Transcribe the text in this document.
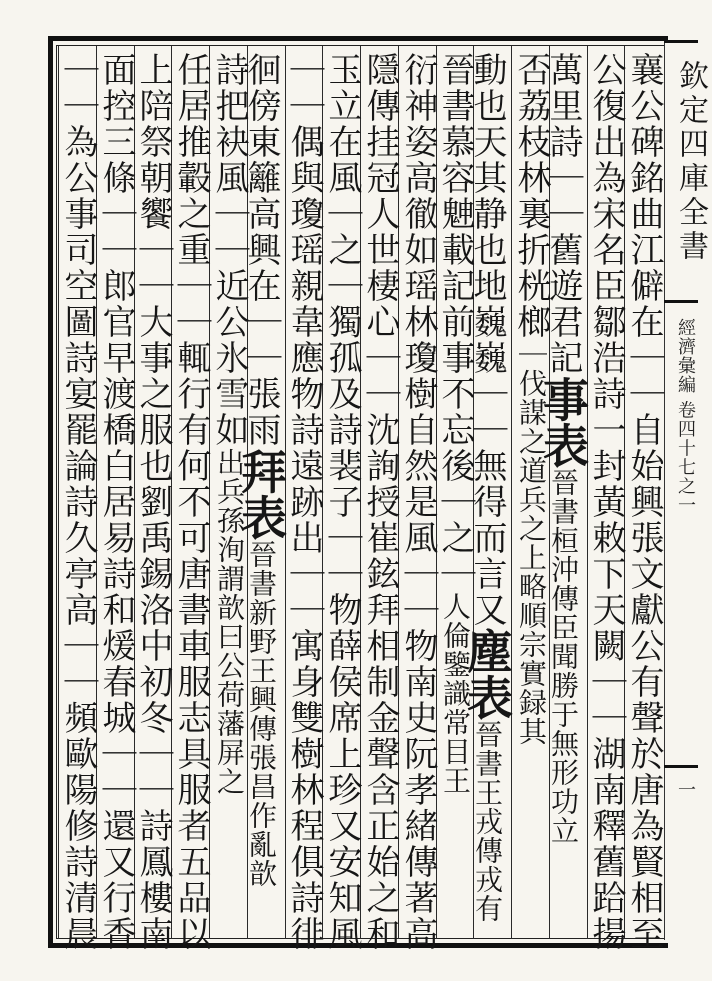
欽定四庫全書
經濟彙編 卷四十七之一
一
襄公碑銘曲江僻在｜｜自始興張文獻公有聲於唐為賢相至
公復出為宋名臣鄒浩詩一封黃敕下天闕｜｜湖南釋舊跲揚
萬里詩｜｜舊遊君記事表晉書桓沖傳臣聞勝于無形功立
否荔枝林裏折桄榔｜伐謀之道兵之上略順宗實録其
動也天其静也地巍巍｜｜無得而言又塵表晉書王戎傳戎有
晉書慕容䰠載記前事不忘後｜之｜人倫鑒識常目王
衍神姿高徹如瑶林瓊樹自然是風｜｜物南史阮孝緒傳著高
隱傳挂冠人世棲心｜｜沈詢授崔鉉拜相制金聲含正始之和
玉立在風｜之｜獨孤及詩裴子｜｜物薛侯席上珍又安知風
｜｜偶與瓊瑶親韋應物詩遠跡出｜｜寓身雙樹林程俱詩徘
徊傍東籬高興在｜｜張雨拜表晉書新野王興傳張昌作亂歆
詩把袂風｜｜近公氷雪如出兵孫洵謂歆曰公荷藩屏之
任居推轂之重｜｜輒行有何不可唐書車服志具服者五品以
上陪祭朝饗｜｜大事之服也劉禹錫洛中初冬｜｜詩鳳樓南
面控三條｜｜郎官早渡橋白居易詩和煖春城｜｜還又行香
｜｜為公事司空圖詩宴罷論詩久亭高｜｜頻歐陽修詩清晨
